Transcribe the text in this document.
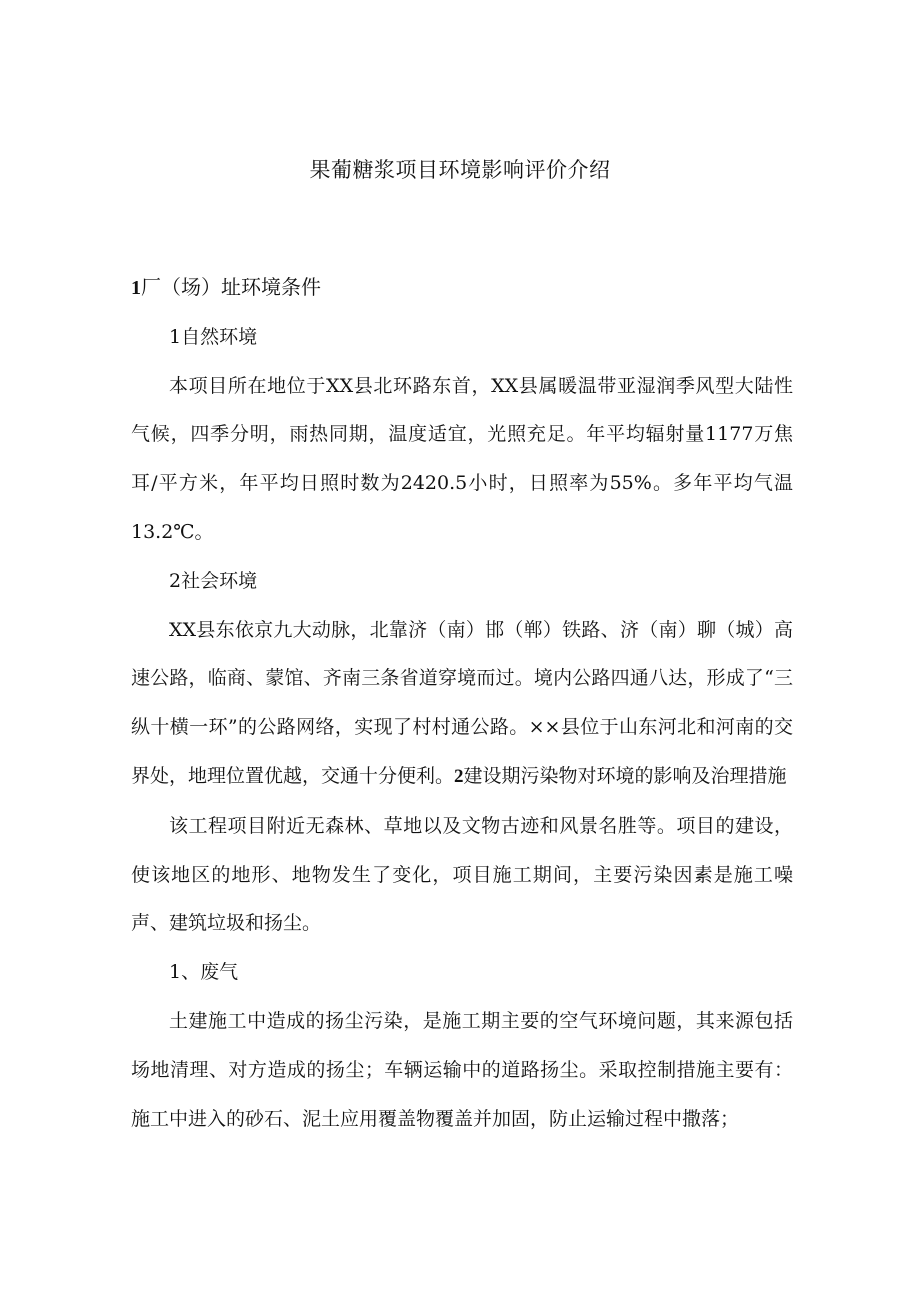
果葡糖浆项目环境影响评价介绍

1厂（场）址环境条件

1自然环境

本项目所在地位于XX县北环路东首，XX县属暖温带亚湿润季风型大陆性气候，四季分明，雨热同期，温度适宜，光照充足。年平均辐射量1177万焦耳/平方米，年平均日照时数为2420.5小时，日照率为55%。多年平均气温13.2℃。

2社会环境

XX县东依京九大动脉，北靠济（南）邯（郸）铁路、济（南）聊（城）高速公路，临商、蒙馆、齐南三条省道穿境而过。境内公路四通八达，形成了“三纵十横一环”的公路网络，实现了村村通公路。××县位于山东河北和河南的交界处，地理位置优越，交通十分便利。2建设期污染物对环境的影响及治理措施

该工程项目附近无森林、草地以及文物古迹和风景名胜等。项目的建设，使该地区的地形、地物发生了变化，项目施工期间，主要污染因素是施工噪声、建筑垃圾和扬尘。

1、废气

土建施工中造成的扬尘污染，是施工期主要的空气环境问题，其来源包括场地清理、对方造成的扬尘；车辆运输中的道路扬尘。采取控制措施主要有：施工中进入的砂石、泥土应用覆盖物覆盖并加固，防止运输过程中撒落；
